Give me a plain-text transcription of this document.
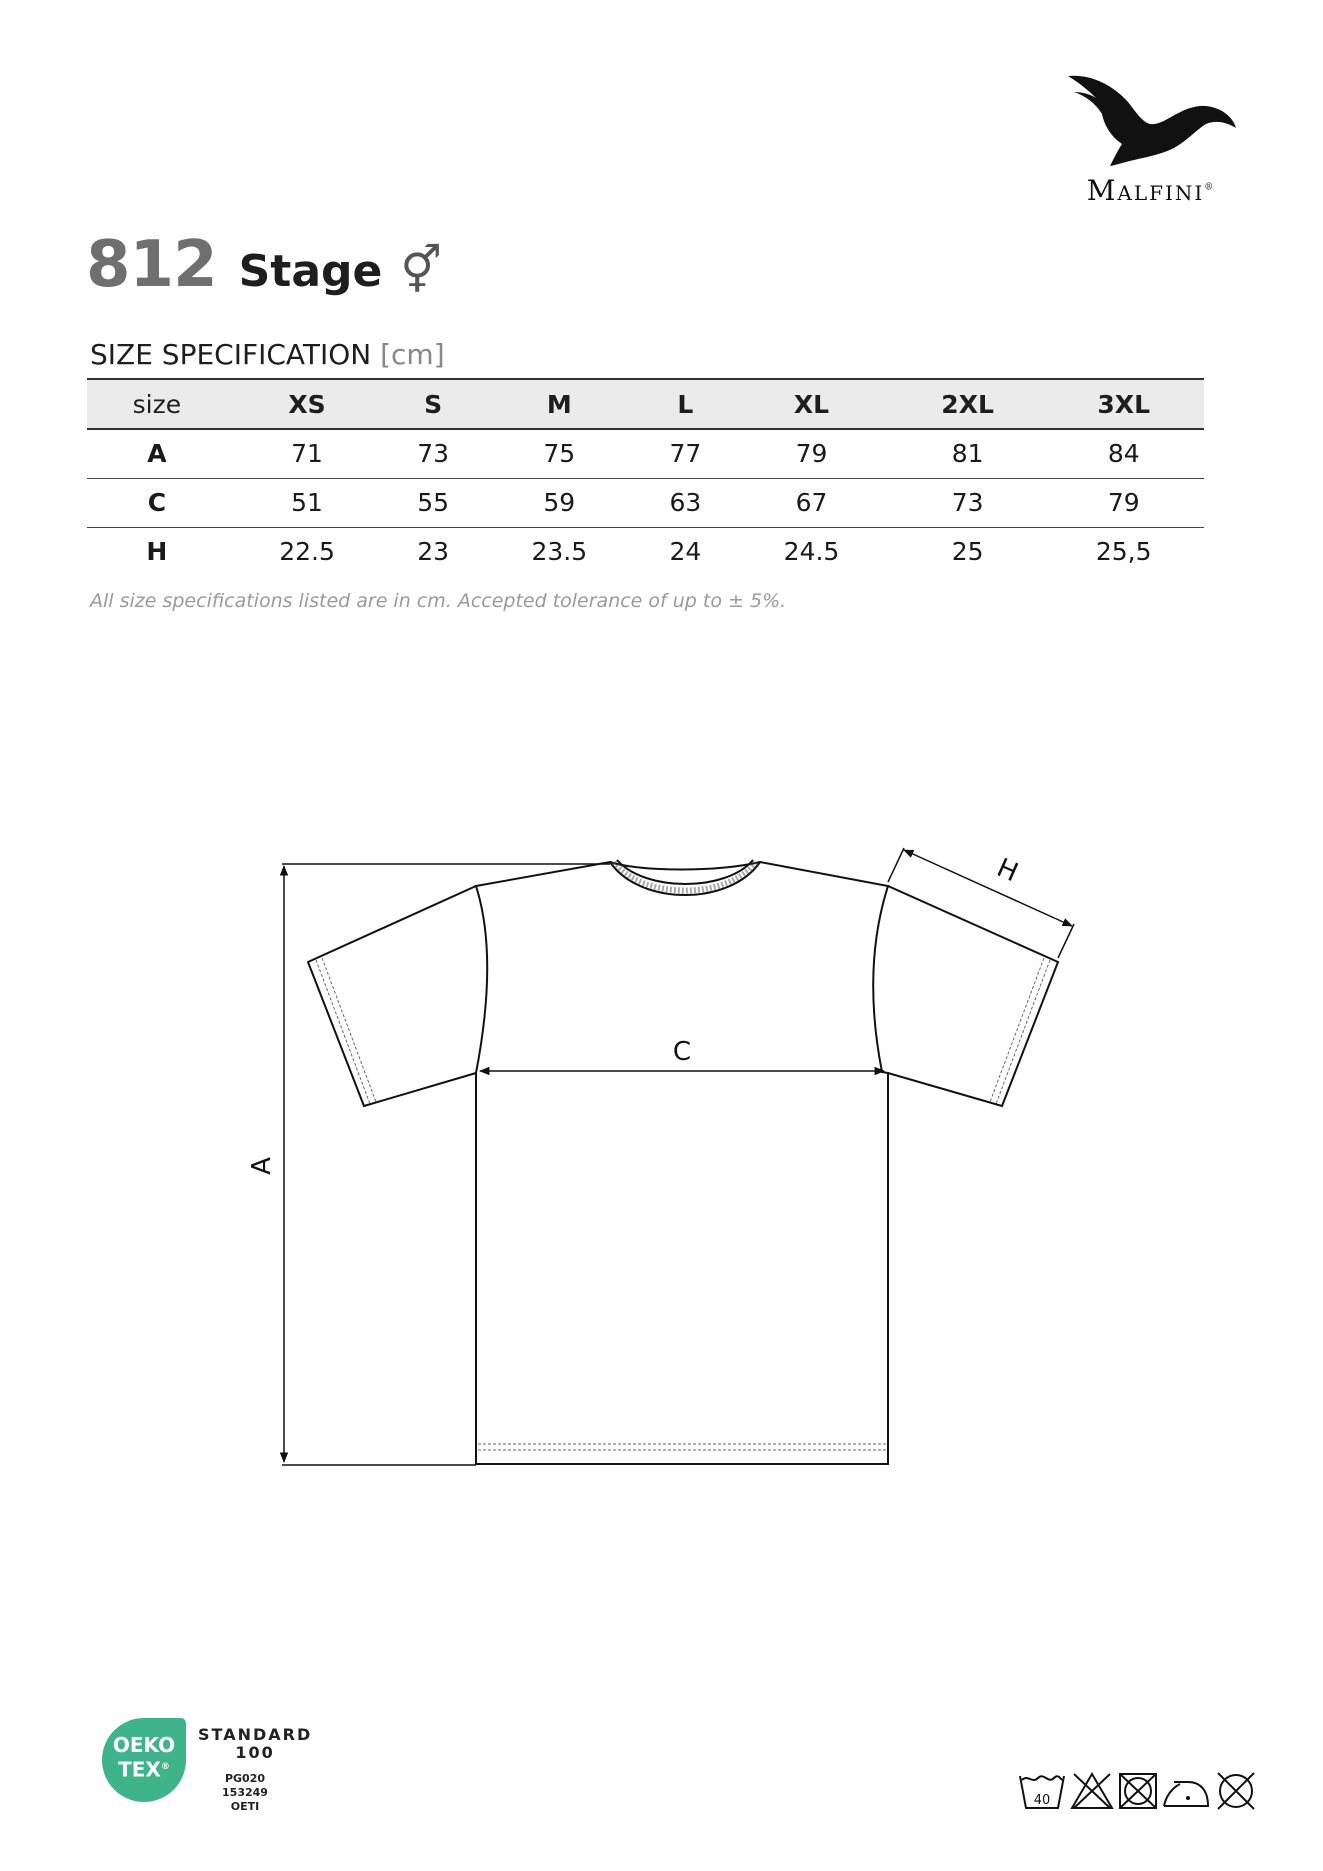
Malfini®
812 Stage ⚥
SIZE SPECIFICATION [cm]
size	XS	S	M	L	XL	2XL	3XL
A	71	73	75	77	79	81	84
C	51	55	59	63	67	73	79
H	22.5	23	23.5	24	24.5	25	25,5
All size specifications listed are in cm. Accepted tolerance of up to ± 5%.
A
C
H
OEKO
TEX®
STANDARD
100
PG020 153249
OETI	40
